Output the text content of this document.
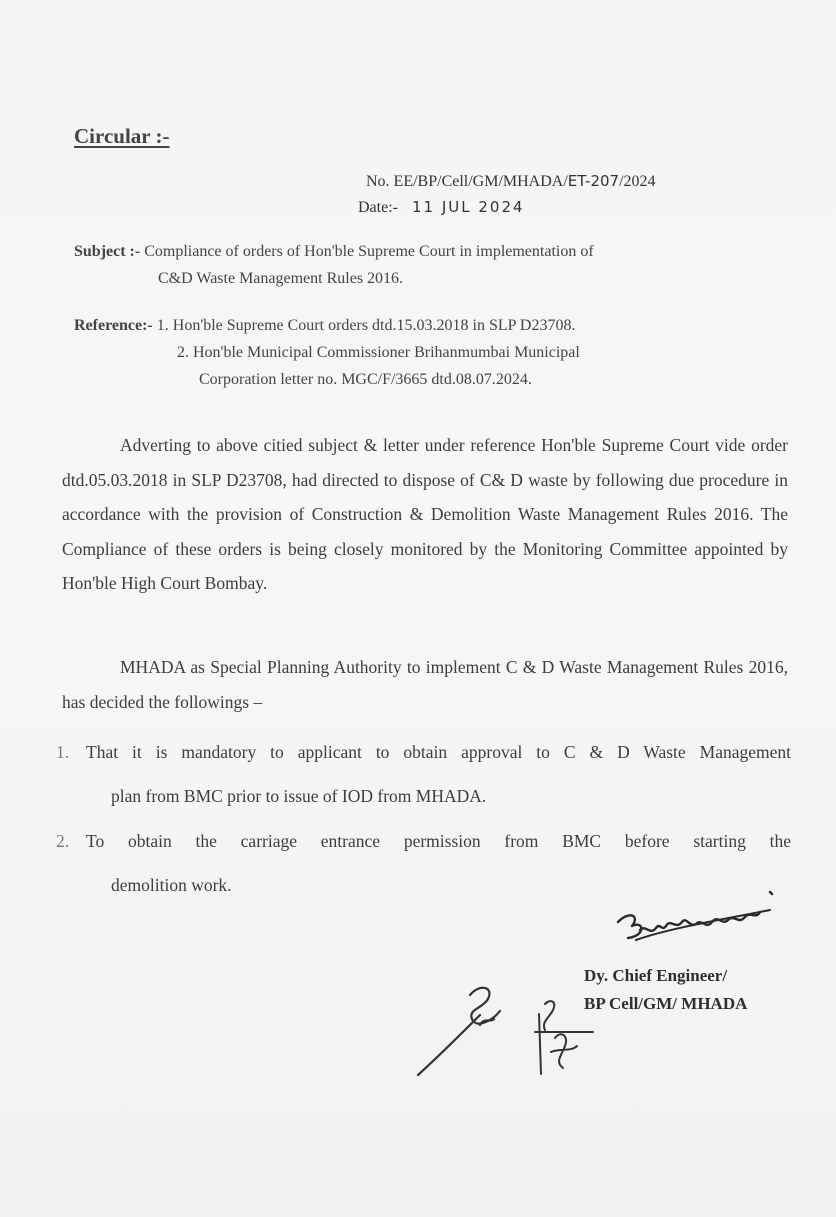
Circular :-
No. EE/BP/Cell/GM/MHADA/ET-207/2024
Date:- 11 JUL 2024
Subject :- Compliance of orders of Hon'ble Supreme Court in implementation of
C&D Waste Management Rules 2016.
Reference:- 1. Hon'ble Supreme Court orders dtd.15.03.2018 in SLP D23708.
2. Hon'ble Municipal Commissioner Brihanmumbai Municipal
Corporation letter no. MGC/F/3665 dtd.08.07.2024.
Adverting to above citied subject & letter under reference Hon'ble Supreme Court vide order dtd.05.03.2018 in SLP D23708, had directed to dispose of C& D waste by following due procedure in accordance with the provision of Construction & Demolition Waste Management Rules 2016. The Compliance of these orders is being closely monitored by the Monitoring Committee appointed by Hon'ble High Court Bombay.
MHADA as Special Planning Authority to implement C & D Waste Management Rules 2016, has decided the followings –
1. That it is mandatory to applicant to obtain approval to C & D Waste Management
plan from BMC prior to issue of IOD from MHADA.
2. To obtain the carriage entrance permission from BMC before starting the
demolition work.
Dy. Chief Engineer/
BP Cell/GM/ MHADA
